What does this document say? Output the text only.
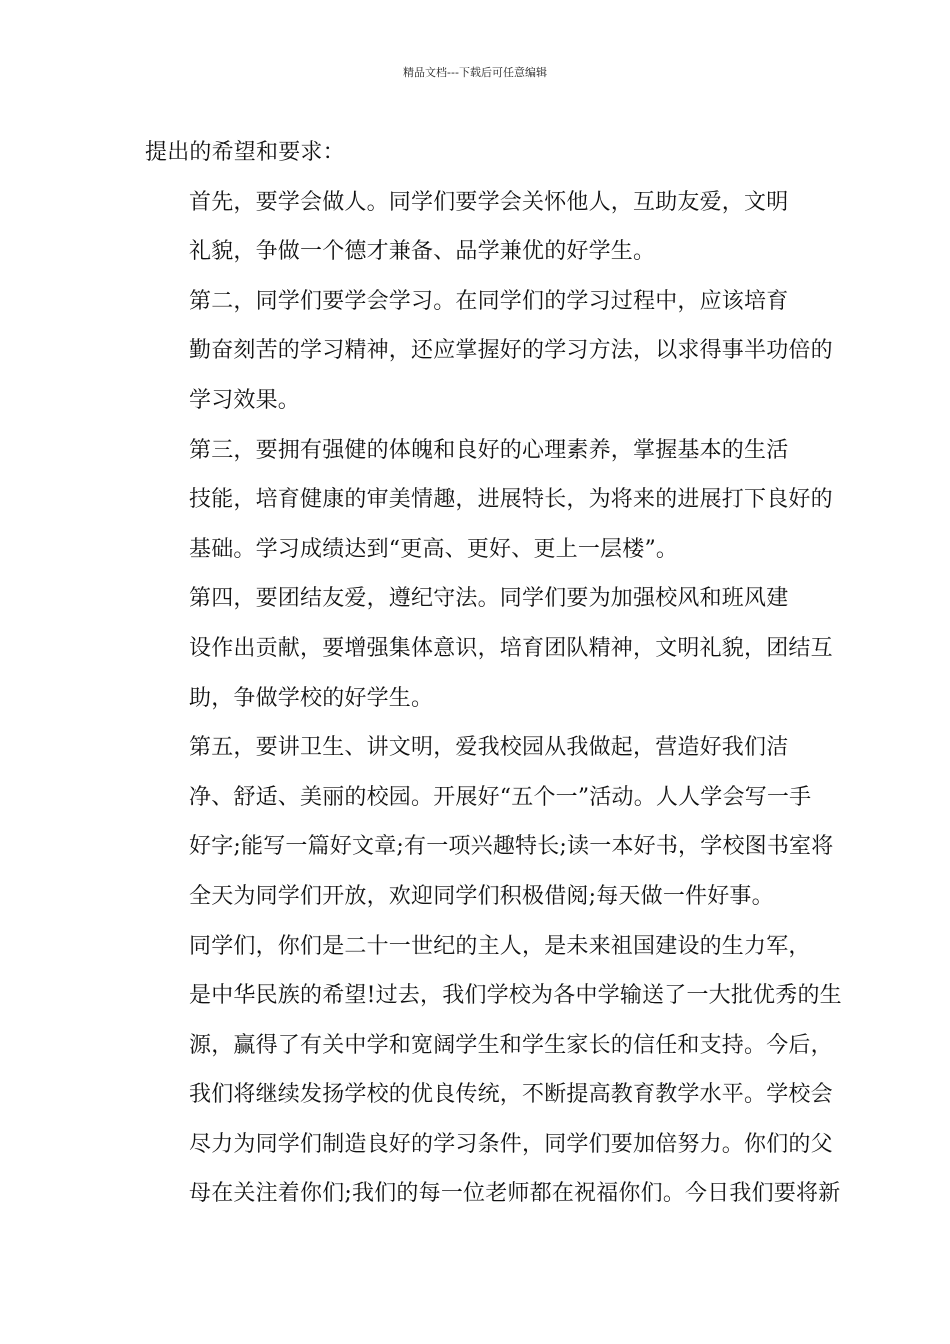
精品文档---下载后可任意编辑

提出的希望和要求：

首先，要学会做人。同学们要学会关怀他人，互助友爱，文明
礼貌，争做一个德才兼备、品学兼优的好学生。

第二，同学们要学会学习。在同学们的学习过程中，应该培育
勤奋刻苦的学习精神，还应掌握好的学习方法，以求得事半功倍的
学习效果。

第三，要拥有强健的体魄和良好的心理素养，掌握基本的生活
技能，培育健康的审美情趣，进展特长，为将来的进展打下良好的
基础。学习成绩达到“更高、更好、更上一层楼”。

第四，要团结友爱，遵纪守法。同学们要为加强校风和班风建
设作出贡献，要增强集体意识，培育团队精神，文明礼貌，团结互
助，争做学校的好学生。

第五，要讲卫生、讲文明，爱我校园从我做起，营造好我们洁
净、舒适、美丽的校园。开展好“五个一”活动。人人学会写一手
好字;能写一篇好文章;有一项兴趣特长;读一本好书，学校图书室将
全天为同学们开放，欢迎同学们积极借阅;每天做一件好事。

同学们，你们是二十一世纪的主人，是未来祖国建设的生力军，
是中华民族的希望!过去，我们学校为各中学输送了一大批优秀的生
源，赢得了有关中学和宽阔学生和学生家长的信任和支持。今后，
我们将继续发扬学校的优良传统，不断提高教育教学水平。学校会
尽力为同学们制造良好的学习条件，同学们要加倍努力。你们的父
母在关注着你们;我们的每一位老师都在祝福你们。今日我们要将新
